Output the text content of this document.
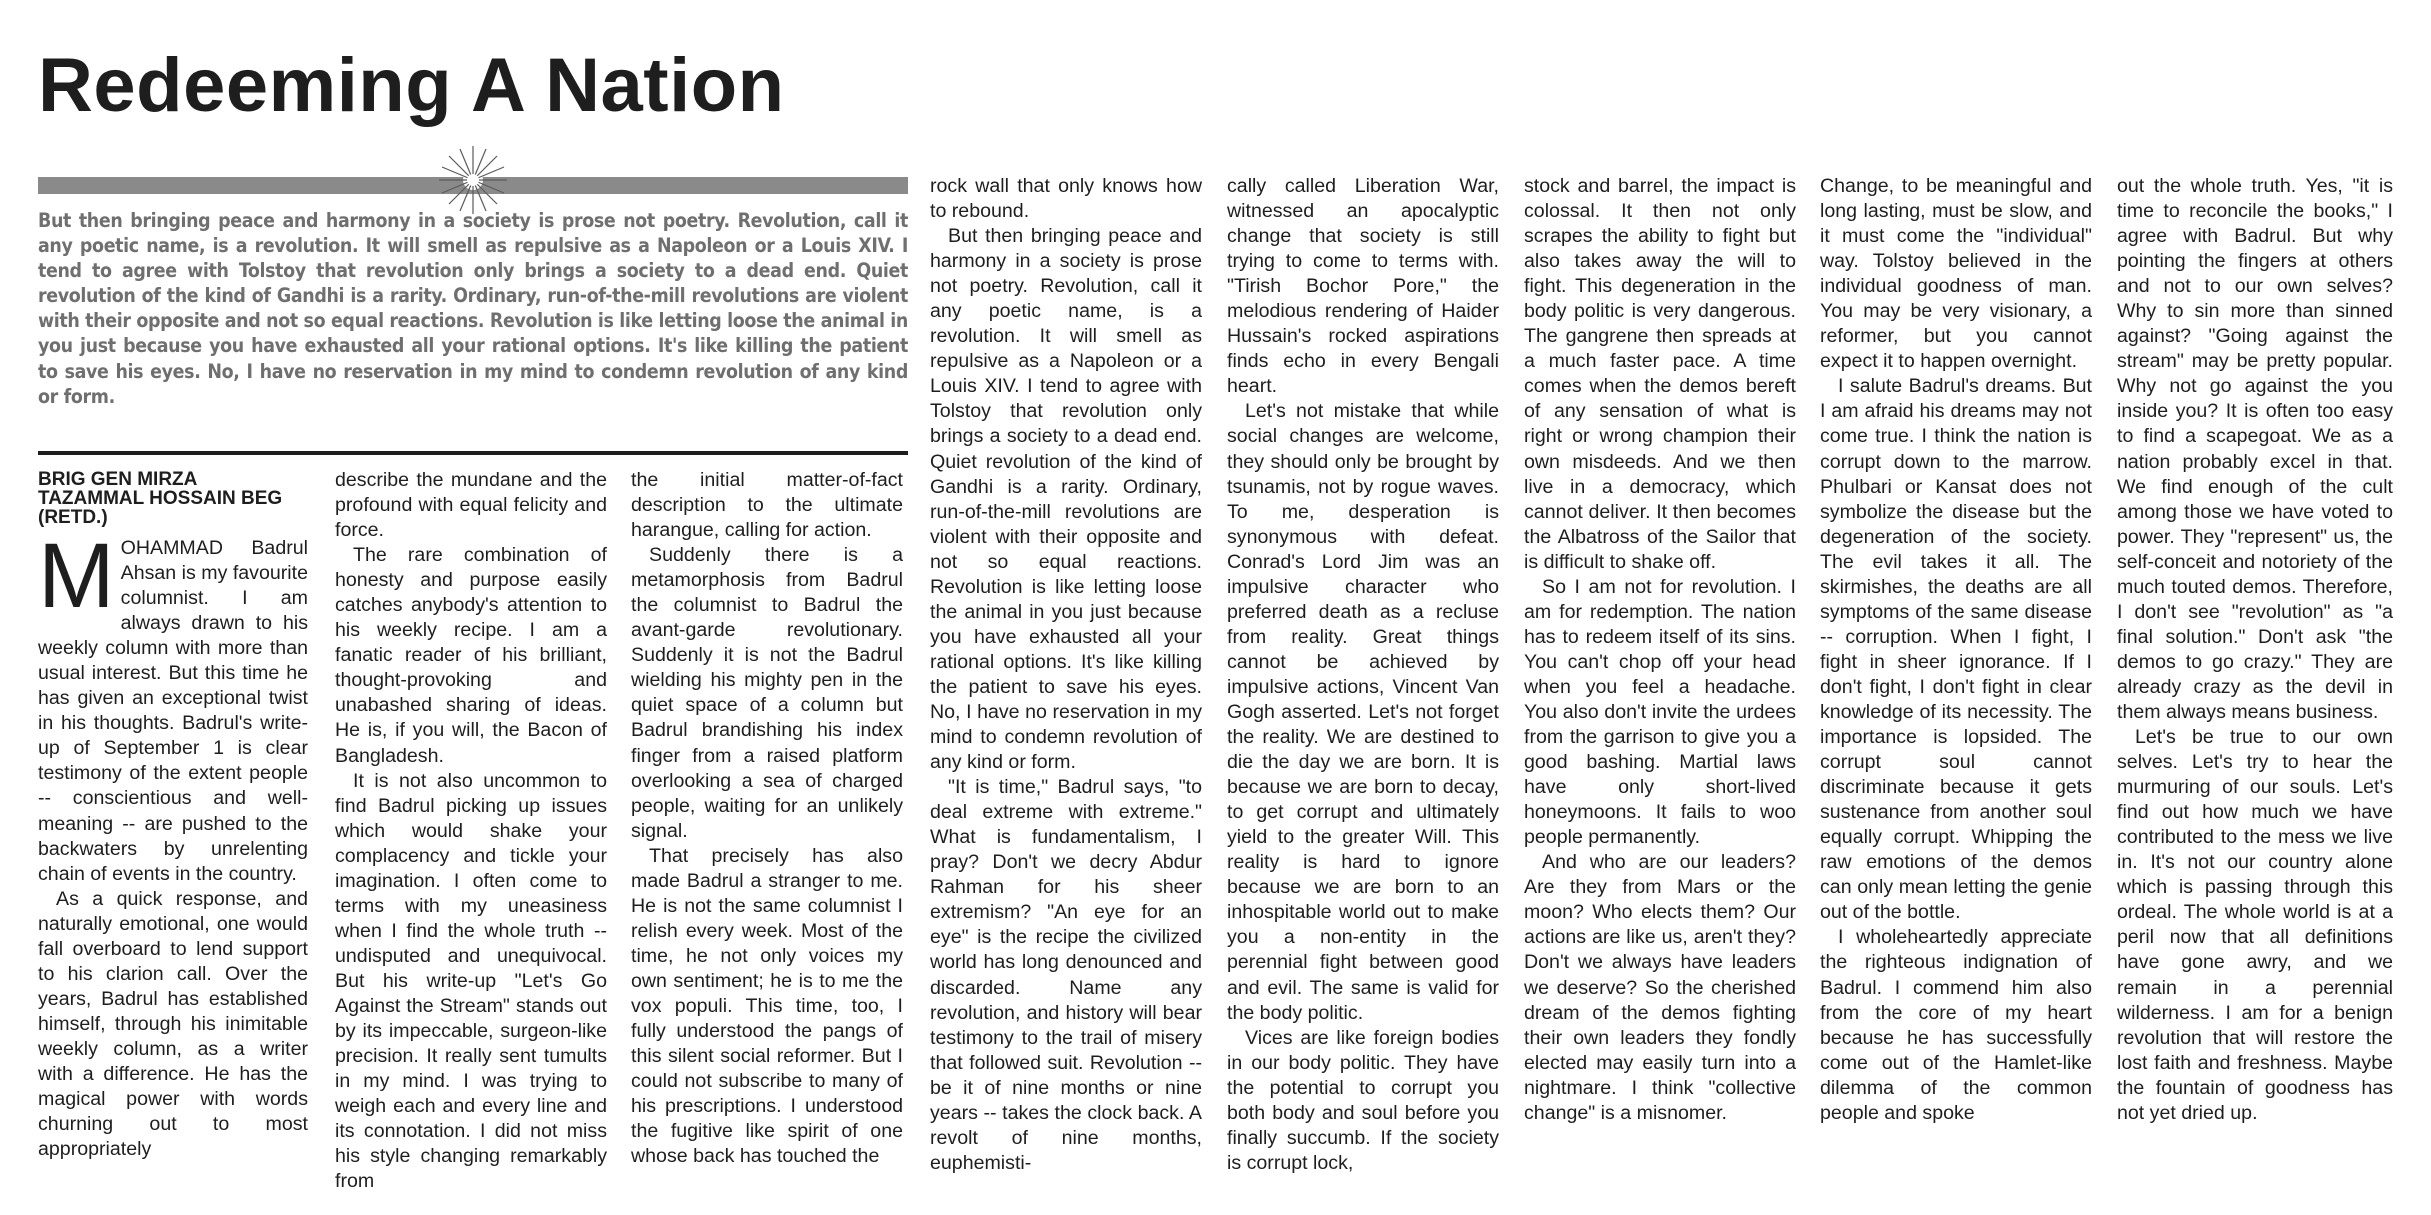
Redeeming A Nation

But then bringing peace and harmony in a society is prose not poetry. Revolution, call it any poetic name, is a revolution. It will smell as repulsive as a Napoleon or a Louis XIV. I tend to agree with Tolstoy that revolution only brings a society to a dead end. Quiet revolution of the kind of Gandhi is a rarity. Ordinary, run-of-the-mill revolutions are violent with their opposite and not so equal reactions. Revolution is like letting loose the animal in you just because you have exhausted all your rational options. It's like killing the patient to save his eyes. No, I have no reservation in my mind to condemn revolution of any kind or form.

BRIG GEN MIRZA
TAZAMMAL HOSSAIN BEG
(RETD.)

MOHAMMAD Badrul Ahsan is my favourite columnist. I am always drawn to his weekly column with more than usual interest. But this time he has given an exceptional twist in his thoughts. Badrul's write-up of September 1 is clear testimony of the extent people -- conscientious and well-meaning -- are pushed to the backwaters by unrelenting chain of events in the country.

As a quick response, and naturally emotional, one would fall overboard to lend support to his clarion call. Over the years, Badrul has established himself, through his inimitable weekly column, as a writer with a difference. He has the magical power with words churning out to most appropriately

describe the mundane and the profound with equal felicity and force.

The rare combination of honesty and purpose easily catches anybody's attention to his weekly recipe. I am a fanatic reader of his brilliant, thought-provoking and unabashed sharing of ideas. He is, if you will, the Bacon of Bangladesh.

It is not also uncommon to find Badrul picking up issues which would shake your complacency and tickle your imagination. I often come to terms with my uneasiness when I find the whole truth -- undisputed and unequivocal. But his write-up "Let's Go Against the Stream" stands out by its impeccable, surgeon-like precision. It really sent tumults in my mind. I was trying to weigh each and every line and its connotation. I did not miss his style changing remarkably from

the initial matter-of-fact description to the ultimate harangue, calling for action.

Suddenly there is a metamorphosis from Badrul the columnist to Badrul the avant-garde revolutionary. Suddenly it is not the Badrul wielding his mighty pen in the quiet space of a column but Badrul brandishing his index finger from a raised platform overlooking a sea of charged people, waiting for an unlikely signal.

That precisely has also made Badrul a stranger to me. He is not the same columnist I relish every week. Most of the time, he not only voices my own sentiment; he is to me the vox populi. This time, too, I fully understood the pangs of this silent social reformer. But I could not subscribe to many of his prescriptions. I understood the fugitive like spirit of one whose back has touched the

rock wall that only knows how to rebound.

But then bringing peace and harmony in a society is prose not poetry. Revolution, call it any poetic name, is a revolution. It will smell as repulsive as a Napoleon or a Louis XIV. I tend to agree with Tolstoy that revolution only brings a society to a dead end. Quiet revolution of the kind of Gandhi is a rarity. Ordinary, run-of-the-mill revolutions are violent with their opposite and not so equal reactions. Revolution is like letting loose the animal in you just because you have exhausted all your rational options. It's like killing the patient to save his eyes. No, I have no reservation in my mind to condemn revolution of any kind or form.

"It is time," Badrul says, "to deal extreme with extreme." What is fundamentalism, I pray? Don't we decry Abdur Rahman for his sheer extremism? "An eye for an eye" is the recipe the civilized world has long denounced and discarded. Name any revolution, and history will bear testimony to the trail of misery that followed suit. Revolution -- be it of nine months or nine years -- takes the clock back. A revolt of nine months, euphemisti-

cally called Liberation War, witnessed an apocalyptic change that society is still trying to come to terms with. "Tirish Bochor Pore," the melodious rendering of Haider Hussain's rocked aspirations finds echo in every Bengali heart.

Let's not mistake that while social changes are welcome, they should only be brought by tsunamis, not by rogue waves. To me, desperation is synonymous with defeat. Conrad's Lord Jim was an impulsive character who preferred death as a recluse from reality. Great things cannot be achieved by impulsive actions, Vincent Van Gogh asserted. Let's not forget the reality. We are destined to die the day we are born. It is because we are born to decay, to get corrupt and ultimately yield to the greater Will. This reality is hard to ignore because we are born to an inhospitable world out to make you a non-entity in the perennial fight between good and evil. The same is valid for the body politic.

Vices are like foreign bodies in our body politic. They have the potential to corrupt you both body and soul before you finally succumb. If the society is corrupt lock,

stock and barrel, the impact is colossal. It then not only scrapes the ability to fight but also takes away the will to fight. This degeneration in the body politic is very dangerous. The gangrene then spreads at a much faster pace. A time comes when the demos bereft of any sensation of what is right or wrong champion their own misdeeds. And we then live in a democracy, which cannot deliver. It then becomes the Albatross of the Sailor that is difficult to shake off.

So I am not for revolution. I am for redemption. The nation has to redeem itself of its sins. You can't chop off your head when you feel a headache. You also don't invite the urdees from the garrison to give you a good bashing. Martial laws have only short-lived honeymoons. It fails to woo people permanently.

And who are our leaders? Are they from Mars or the moon? Who elects them? Our actions are like us, aren't they? Don't we always have leaders we deserve? So the cherished dream of the demos fighting their own leaders they fondly elected may easily turn into a nightmare. I think "collective change" is a misnomer.

Change, to be meaningful and long lasting, must be slow, and it must come the "individual" way. Tolstoy believed in the individual goodness of man. You may be very visionary, a reformer, but you cannot expect it to happen overnight.

I salute Badrul's dreams. But I am afraid his dreams may not come true. I think the nation is corrupt down to the marrow. Phulbari or Kansat does not symbolize the disease but the degeneration of the society. The evil takes it all. The skirmishes, the deaths are all symptoms of the same disease -- corruption. When I fight, I fight in sheer ignorance. If I don't fight, I don't fight in clear knowledge of its necessity. The importance is lopsided. The corrupt soul cannot discriminate because it gets sustenance from another soul equally corrupt. Whipping the raw emotions of the demos can only mean letting the genie out of the bottle.

I wholeheartedly appreciate the righteous indignation of Badrul. I commend him also from the core of my heart because he has successfully come out of the Hamlet-like dilemma of the common people and spoke

out the whole truth. Yes, "it is time to reconcile the books," I agree with Badrul. But why pointing the fingers at others and not to our own selves? Why to sin more than sinned against? "Going against the stream" may be pretty popular. Why not go against the you inside you? It is often too easy to find a scapegoat. We as a nation probably excel in that. We find enough of the cult among those we have voted to power. They "represent" us, the self-conceit and notoriety of the much touted demos. Therefore, I don't see "revolution" as "a final solution." Don't ask "the demos to go crazy." They are already crazy as the devil in them always means business.

Let's be true to our own selves. Let's try to hear the murmuring of our souls. Let's find out how much we have contributed to the mess we live in. It's not our country alone which is passing through this ordeal. The whole world is at a peril now that all definitions have gone awry, and we remain in a perennial wilderness. I am for a benign revolution that will restore the lost faith and freshness. Maybe the fountain of goodness has not yet dried up.
